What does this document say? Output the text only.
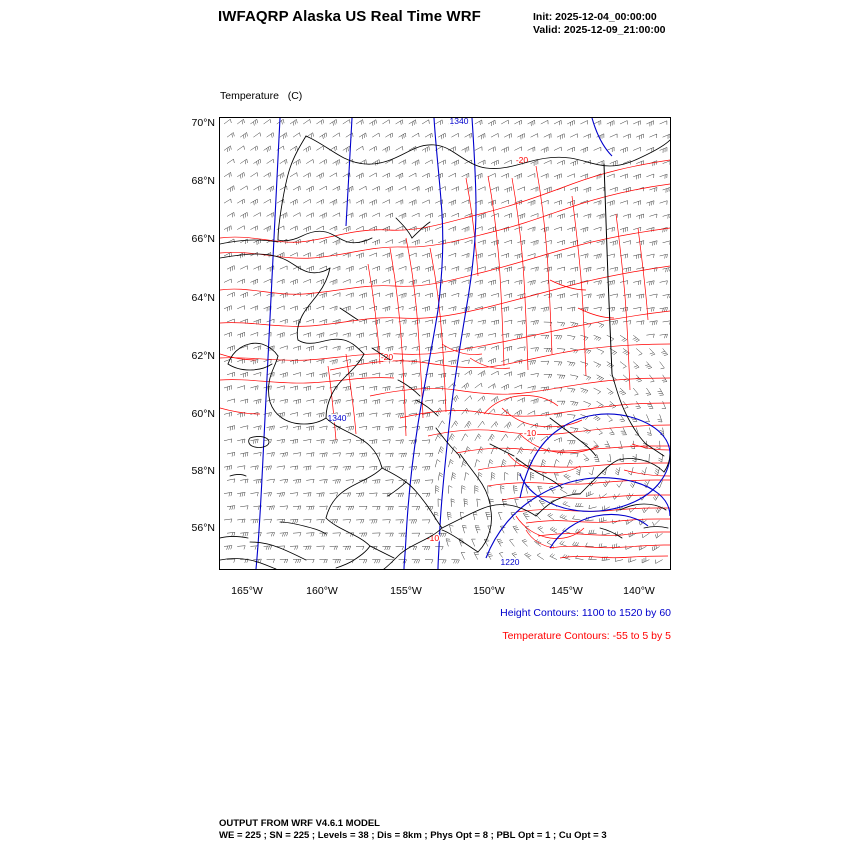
IWFAQRP Alaska US Real Time WRF	Init: 2025-12-04_00:00:00
Valid: 2025-12-09_21:00:00

Temperature   (C)

70°N
68°N
66°N
64°N
62°N
60°N
58°N
56°N
165°W	160°W	155°W	150°W	145°W	140°W
1340
1340
1220
-20
-20
-10
-10
Height Contours: 1100 to 1520 by 60
Temperature Contours: -55 to 5 by 5
OUTPUT FROM WRF V4.6.1 MODEL
WE = 225 ; SN = 225 ; Levels = 38 ; Dis = 8km ; Phys Opt = 8 ; PBL Opt = 1 ; Cu Opt = 3
